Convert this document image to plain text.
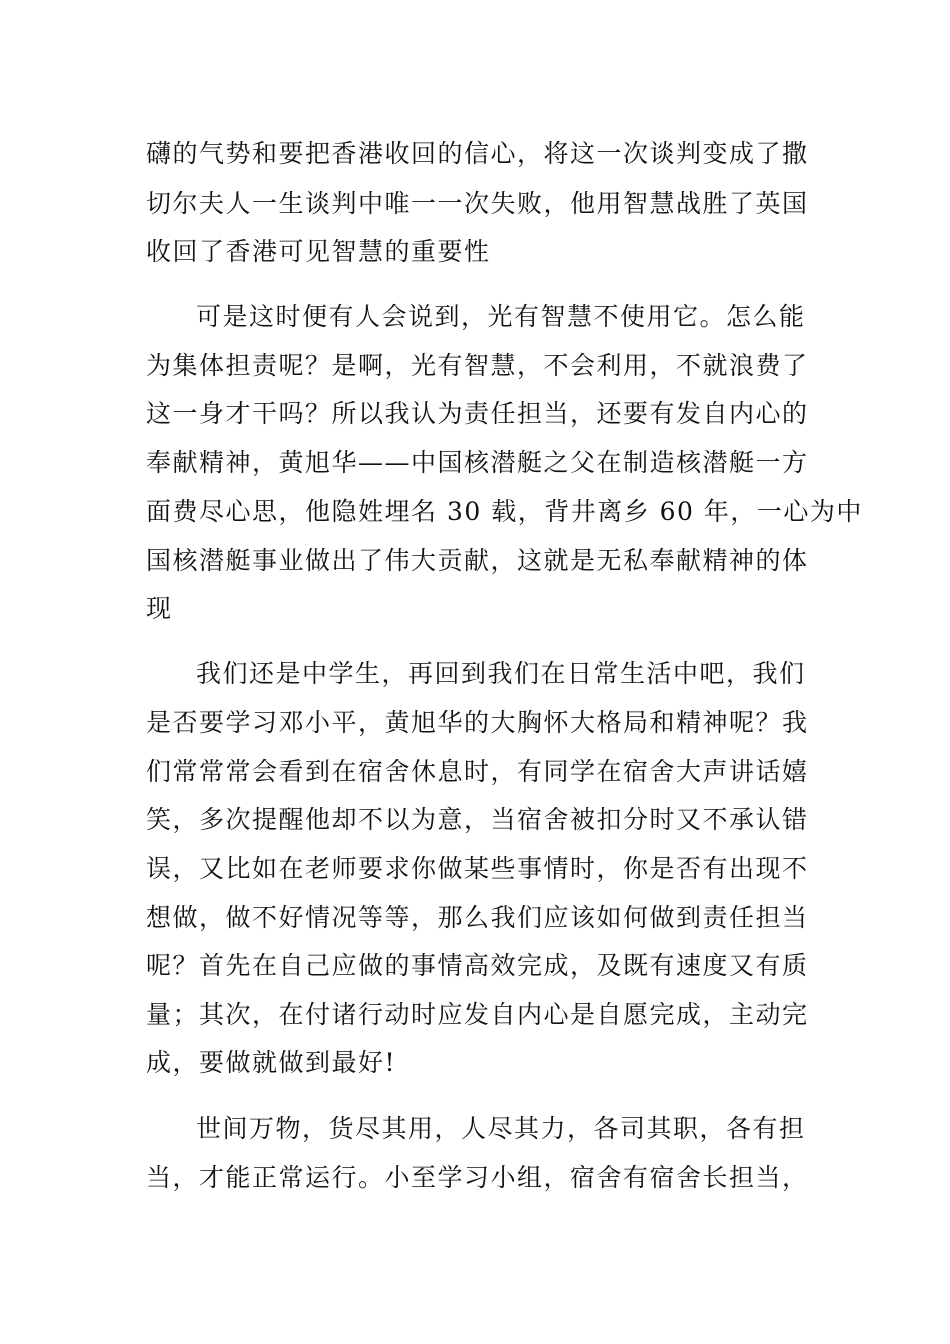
礴的气势和要把香港收回的信心，将这一次谈判变成了撒
切尔夫人一生谈判中唯一一次失败，他用智慧战胜了英国
收回了香港可见智慧的重要性
可是这时便有人会说到，光有智慧不使用它。怎么能
为集体担责呢？是啊，光有智慧，不会利用，不就浪费了
这一身才干吗？所以我认为责任担当，还要有发自内心的
奉献精神，黄旭华——中国核潜艇之父在制造核潜艇一方
面费尽心思，他隐姓埋名 30 载，背井离乡 60 年，一心为中
国核潜艇事业做出了伟大贡献，这就是无私奉献精神的体
现
我们还是中学生，再回到我们在日常生活中吧，我们
是否要学习邓小平，黄旭华的大胸怀大格局和精神呢？我
们常常常会看到在宿舍休息时，有同学在宿舍大声讲话嬉
笑，多次提醒他却不以为意，当宿舍被扣分时又不承认错
误，又比如在老师要求你做某些事情时，你是否有出现不
想做，做不好情况等等，那么我们应该如何做到责任担当
呢？首先在自己应做的事情高效完成，及既有速度又有质
量；其次，在付诸行动时应发自内心是自愿完成，主动完
成，要做就做到最好!
世间万物，货尽其用，人尽其力，各司其职，各有担
当，才能正常运行。小至学习小组，宿舍有宿舍长担当，
